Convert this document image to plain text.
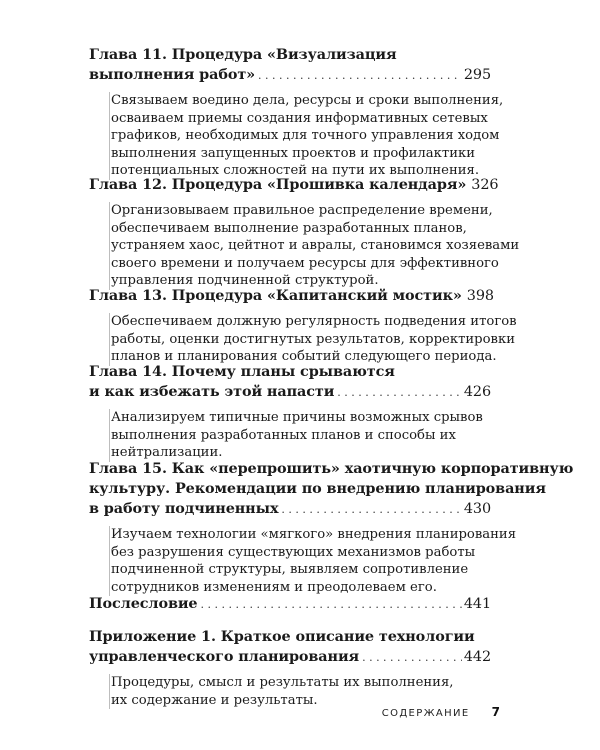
Глава 11. Процедура «Визуализация
выполнения работ» . . .	295
Связываем воедино дела, ресурсы и сроки выполнения,
осваиваем приемы создания информативных сетевых
графиков, необходимых для точного управления ходом
выполнения запущенных проектов и профилактики
потенциальных сложностей на пути их выполнения.
Глава 12. Процедура «Прошивка календаря» . . . 326
Организовываем правильное распределение времени,
обеспечиваем выполнение разработанных планов,
устраняем хаос, цейтнот и авралы, становимся хозяевами
своего времени и получаем ресурсы для эффективного
управления подчиненной структурой.
Глава 13. Процедура «Капитанский мостик» . . . 398
Обеспечиваем должную регулярность подведения итогов
работы, оценки достигнутых результатов, корректировки
планов и планирования событий следующего периода.
Глава 14. Почему планы срываются
и как избежать этой напасти . . .	426
Анализируем типичные причины возможных срывов
выполнения разработанных планов и способы их
нейтрализации.
Глава 15. Как «перепрошить» хаотичную корпоративную
культуру. Рекомендации по внедрению планирования
в работу подчиненных . . .	430
Изучаем технологии «мягкого» внедрения планирования
без разрушения существующих механизмов работы
подчиненной структуры, выявляем сопротивление
сотрудников изменениям и преодолеваем его.
Послесловие . . .	441
Приложение 1. Краткое описание технологии
управленческого планирования . . .	442
Процедуры, смысл и результаты их выполнения,
их содержание и результаты.
СОДЕРЖАНИЕ 7
